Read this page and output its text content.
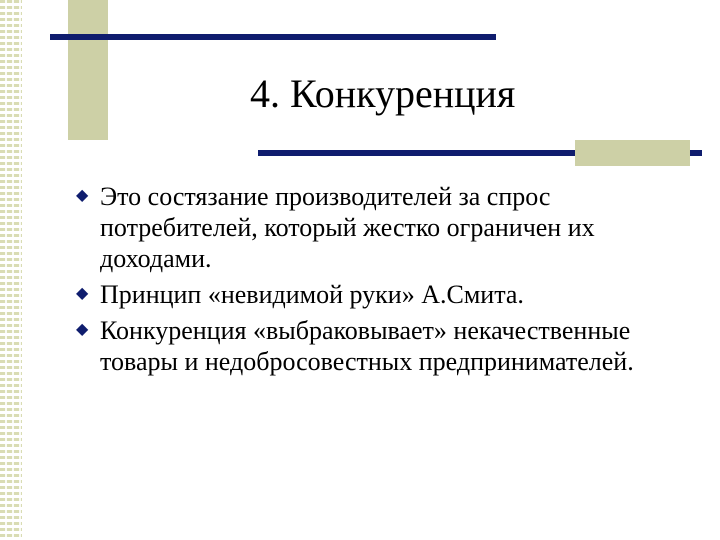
4. Конкуренция
◆ Это состязание производителей за спрос потребителей, который жестко ограничен их доходами.
◆ Принцип «невидимой руки» А.Смита.
◆ Конкуренция «выбраковывает» некачественные товары и недобросовестных предпринимателей.
